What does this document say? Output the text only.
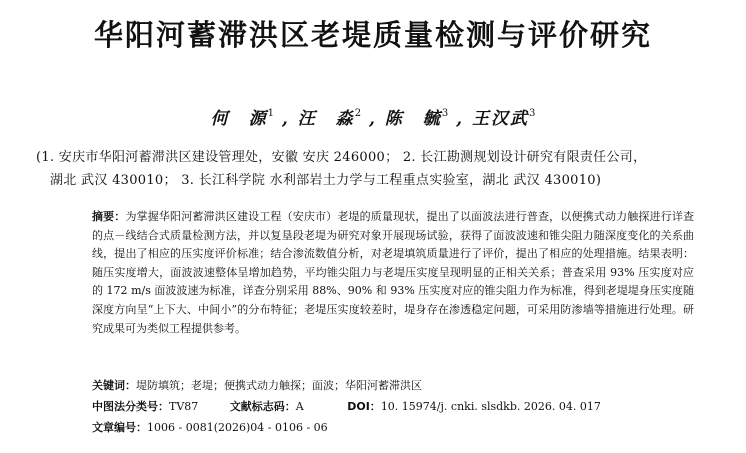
华阳河蓄滞洪区老堤质量检测与评价研究
何　源$^1$ , 汪　淼$^2$ , 陈　毓$^3$ , 王汉武$^3$
(1. 安庆市华阳河蓄滞洪区建设管理处，安徽 安庆 246000； 2. 长江勘测规划设计研究有限责任公司，
湖北 武汉 430010； 3. 长江科学院 水利部岩土力学与工程重点实验室，湖北 武汉 430010)
摘要：为掌握华阳河蓄滞洪区建设工程（安庆市）老堤的质量现状，提出了以面波法进行普查，以便携式动力触探进行详查的点－线结合式质量检测方法，并以复垦段老堤为研究对象开展现场试验，获得了面波波速和锥尖阻力随深度变化的关系曲线，提出了相应的压实度评价标准；结合渗流数值分析，对老堤填筑质量进行了评价，提出了相应的处理措施。结果表明：随压实度增大，面波波速整体呈增加趋势，平均锥尖阻力与老堤压实度呈现明显的正相关关系；普查采用 93% 压实度对应的 172 m/s 面波波速为标准，详查分别采用 88%、90% 和 93% 压实度对应的锥尖阻力作为标准，得到老堤堤身压实度随深度方向呈“上下大、中间小”的分布特征；老堤压实度较差时，堤身存在渗透稳定问题，可采用防渗墙等措施进行处理。研究成果可为类似工程提供参考。
关键词：堤防填筑；老堤；便携式动力触探；面波；华阳河蓄滞洪区
中图法分类号：TV87	文献标志码：A	DOI：10. 15974/j. cnki. slsdkb. 2026. 04. 017
文章编号：1006 - 0081(2026)04 - 0106 - 06
